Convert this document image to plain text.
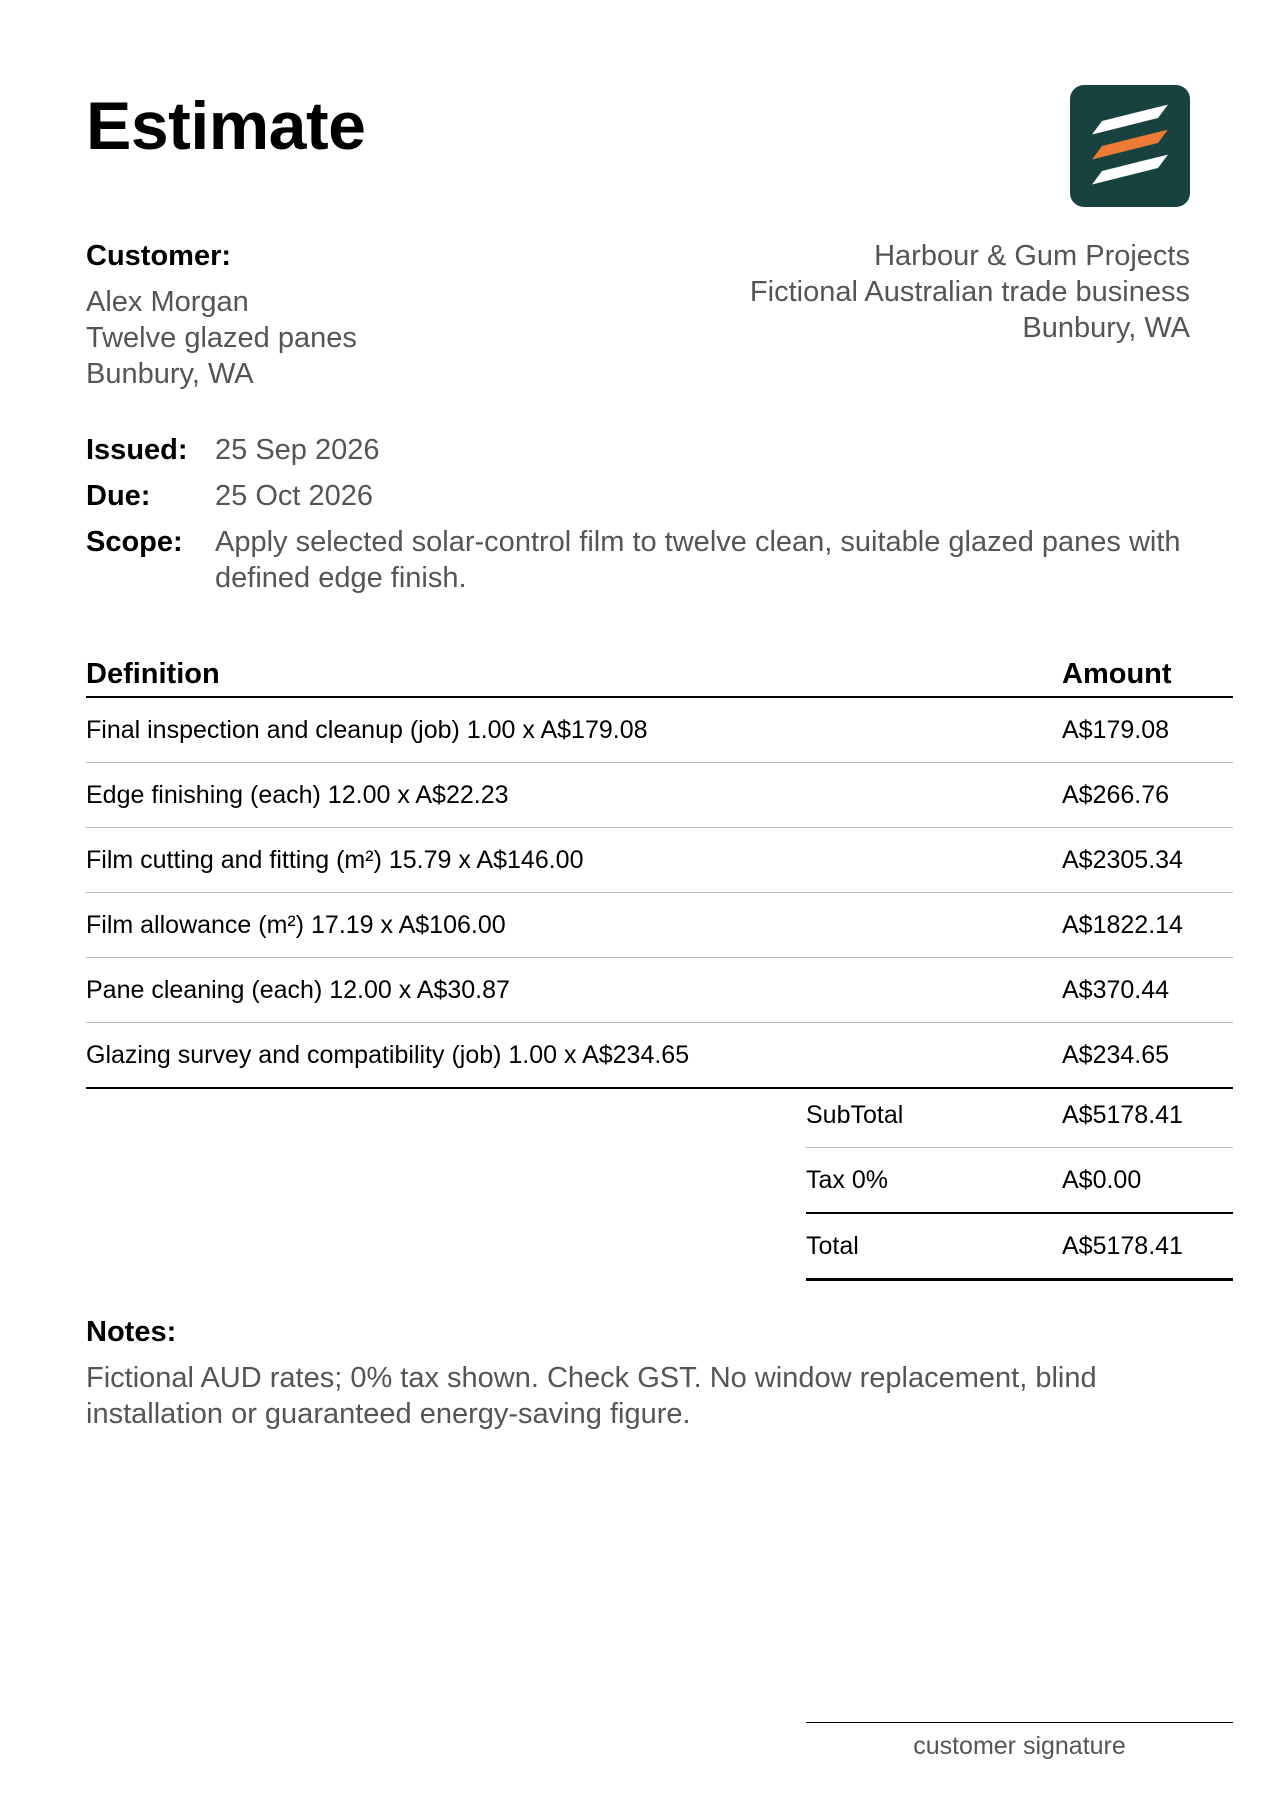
Estimate
Customer:
Alex Morgan
Twelve glazed panes
Bunbury, WA
Harbour & Gum Projects
Fictional Australian trade business
Bunbury, WA
Issued: 25 Sep 2026
Due:	25 Oct 2026
Scope:	Apply selected solar-control film to twelve clean, suitable glazed panes with defined edge finish.
Definition	Amount
Final inspection and cleanup (job) 1.00 x A$179.08	A$179.08
Edge finishing (each) 12.00 x A$22.23	A$266.76
Film cutting and fitting (m²) 15.79 x A$146.00	A$2305.34
Film allowance (m²) 17.19 x A$106.00	A$1822.14
Pane cleaning (each) 12.00 x A$30.87	A$370.44
Glazing survey and compatibility (job) 1.00 x A$234.65	A$234.65
SubTotal	A$5178.41
Tax 0%	A$0.00
Total	A$5178.41
Notes:
Fictional AUD rates; 0% tax shown. Check GST. No window replacement, blind installation or guaranteed energy-saving figure.
customer signature
